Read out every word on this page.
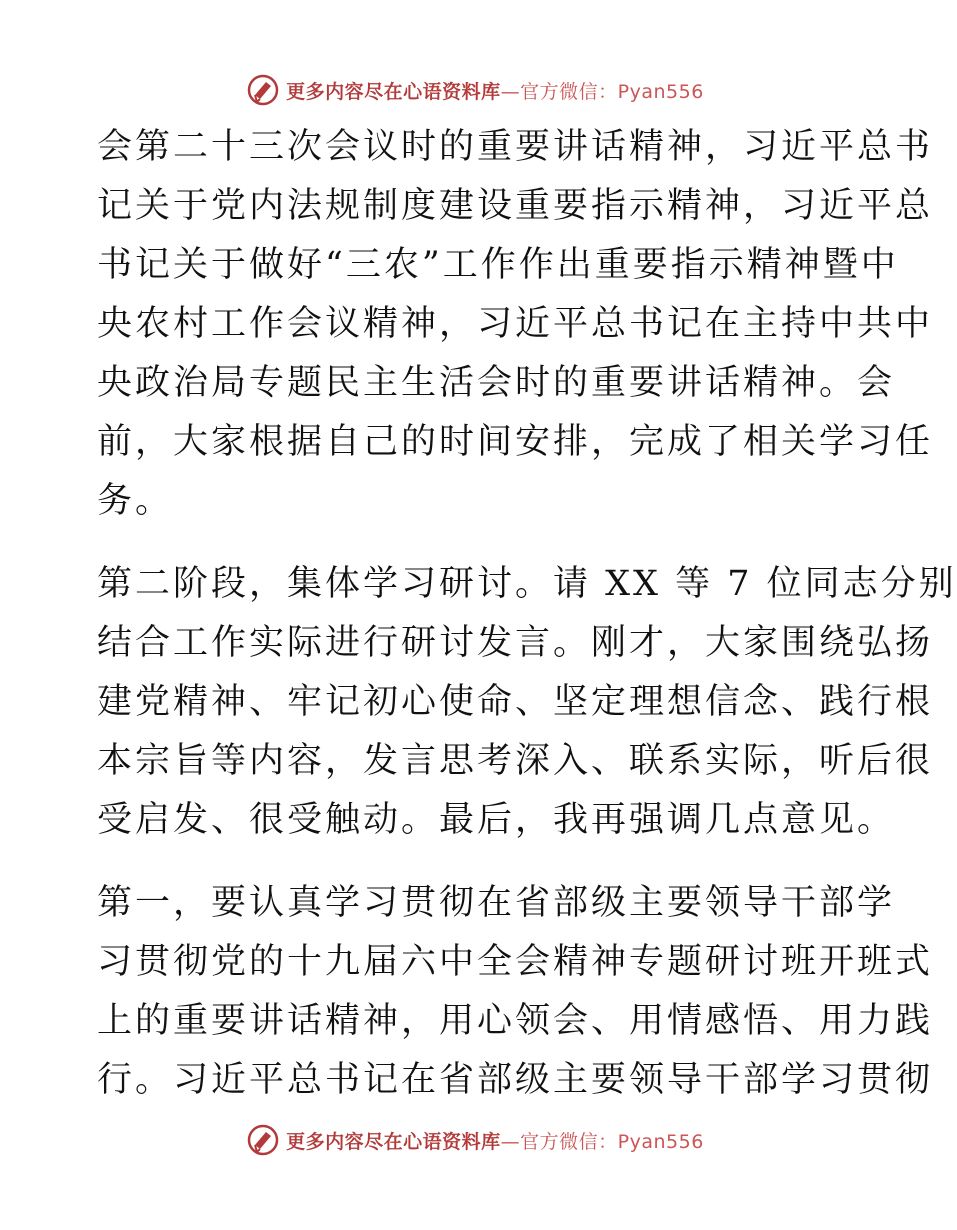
更多内容尽在心语资料库—官方微信：Pyan556
会第二十三次会议时的重要讲话精神，习近平总书
记关于党内法规制度建设重要指示精神，习近平总
书记关于做好“三农”工作作出重要指示精神暨中
央农村工作会议精神，习近平总书记在主持中共中
央政治局专题民主生活会时的重要讲话精神。会
前，大家根据自己的时间安排，完成了相关学习任
务。
第二阶段，集体学习研讨。请 XX 等 7 位同志分别
结合工作实际进行研讨发言。刚才，大家围绕弘扬
建党精神、牢记初心使命、坚定理想信念、践行根
本宗旨等内容，发言思考深入、联系实际，听后很
受启发、很受触动。最后，我再强调几点意见。
第一，要认真学习贯彻在省部级主要领导干部学
习贯彻党的十九届六中全会精神专题研讨班开班式
上的重要讲话精神，用心领会、用情感悟、用力践
行。习近平总书记在省部级主要领导干部学习贯彻
更多内容尽在心语资料库—官方微信：Pyan556
